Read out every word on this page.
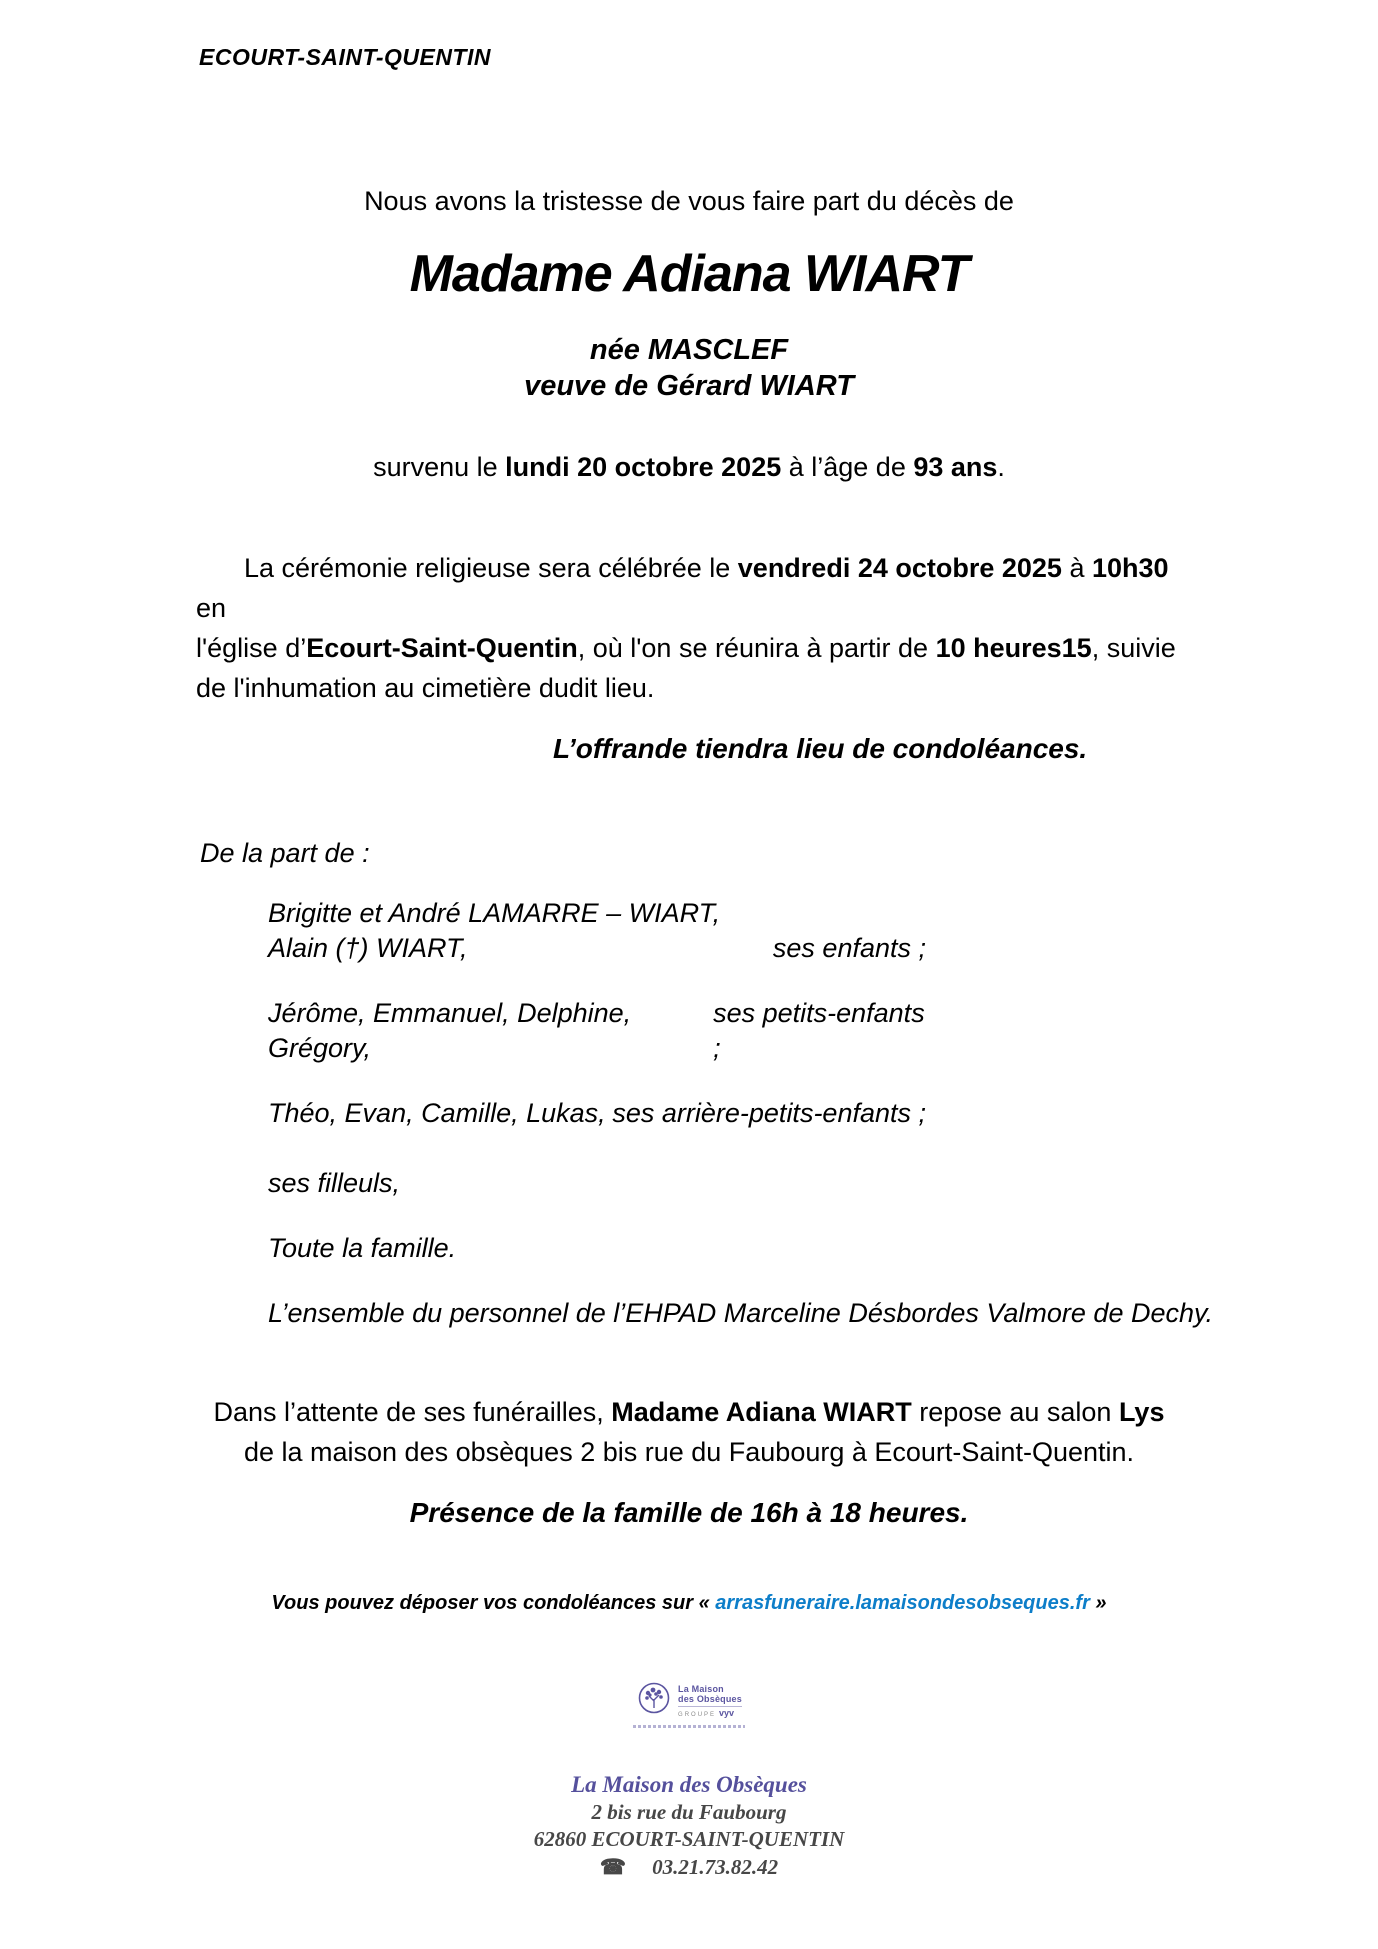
ECOURT-SAINT-QUENTIN
Nous avons la tristesse de vous faire part du décès de
Madame Adiana WIART
née MASCLEF
veuve de Gérard WIART
survenu le lundi 20 octobre 2025 à l’âge de 93 ans.
La cérémonie religieuse sera célébrée le vendredi 24 octobre 2025 à 10h30 en
l'église d’Ecourt-Saint-Quentin, où l'on se réunira à partir de 10 heures15, suivie
de l'inhumation au cimetière dudit lieu.
L’offrande tiendra lieu de condoléances.
De la part de :
Brigitte et André LAMARRE – WIART,
Alain (†) WIART,	ses enfants ;
Jérôme, Emmanuel, Delphine, Grégory,
ses petits-enfants ;
Théo, Evan, Camille, Lukas, ses arrière-petits-enfants ;
ses filleuls,
Toute la famille.
L’ensemble du personnel de l’EHPAD Marceline Désbordes Valmore de Dechy.
Dans l’attente de ses funérailles, Madame Adiana WIART repose au salon Lys
de la maison des obsèques 2 bis rue du Faubourg à Ecourt-Saint-Quentin.
Présence de la famille de 16h à 18 heures.
Vous pouvez déposer vos condoléances sur « arrasfuneraire.lamaisondesobseques.fr »
La Maison
des Obsèques
GROUPE vyv
La Maison des Obsèques
2 bis rue du Faubourg
62860 ECOURT-SAINT-QUENTIN
☎ 03.21.73.82.42
